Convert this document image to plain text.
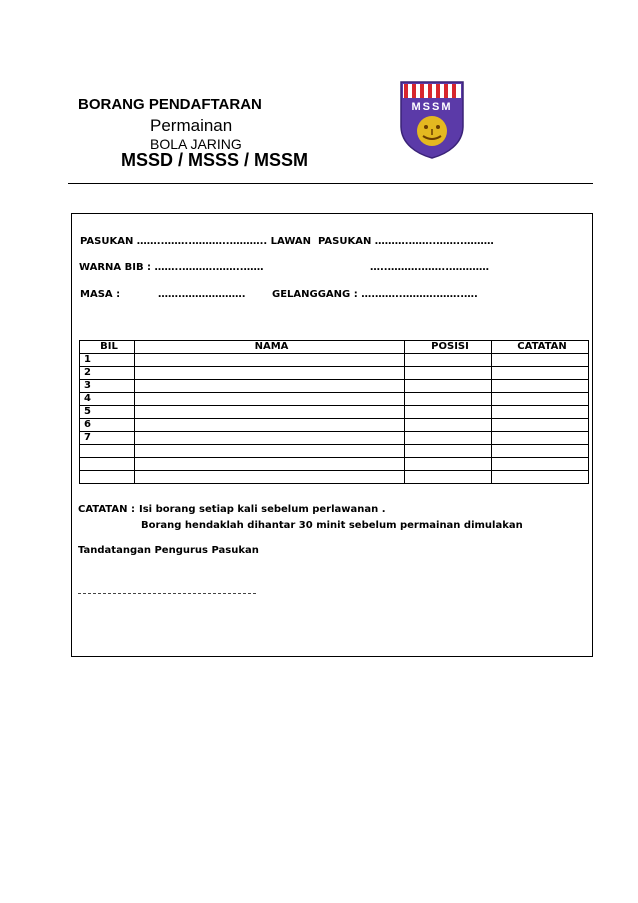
BORANG PENDAFTARAN
Permainan
BOLA JARING
MSSD / MSSS / MSSM
MSSM
PASUKAN ……..……..………..……….. LAWAN  PASUKAN ……….……..……..………
WARNA BIB : ……..……….……..……	…..……….……..…………
MASA :	…….……………….	GELANGGANG : ….……..……….……..….
BIL	NAMA	POSISI	CATATAN
1			
2			
3			
4			
5			
6			
7			

CATATAN : Isi borang setiap kali sebelum perlawanan .
Borang hendaklah dihantar 30 minit sebelum permainan dimulakan
Tandatangan Pengurus Pasukan
